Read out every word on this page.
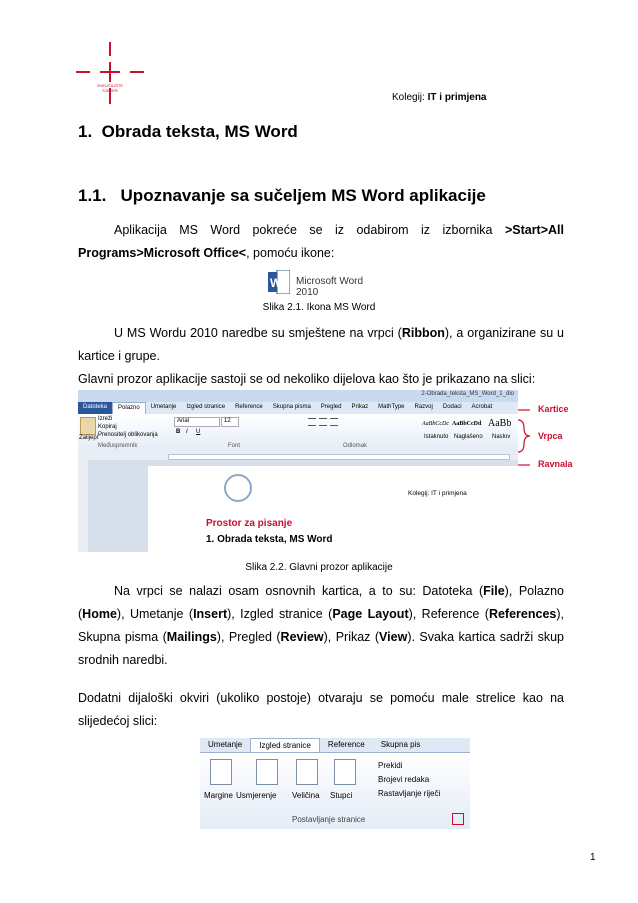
SVEUČILIŠTE
SJEVER
Kolegij: IT i primjena
1. Obrada teksta, MS Word
1.1. Upoznavanje sa sučeljem MS Word aplikacije
Aplikacija MS Word pokreće se iz odabirom iz izbornika >Start>All Programs>Microsoft Office<, pomoću ikone:
W Microsoft Word 2010
Slika 2.1. Ikona MS Word
U MS Wordu 2010 naredbe su smještene na vrpci (Ribbon), a organizirane su u kartice i grupe.
Glavni prozor aplikacije sastoji se od nekoliko dijelova kao što je prikazano na slici:
2-Obrada_teksta_MS_Word_1_dio
Datoteka	Polazno	Umetanje	Izgled stranice	Reference	Skupna pisma	Pregled	Prikaz	MathType	Razvoj	Dodaci	Acrobat
Zalijepi
Izreži
Kopiraj
Prenositelj oblikovanja
Međuspremnik
Arial	12
B I U
Font	Odlomak
AaBbCcDc AaBbCcDd AaBb
Istaknuto Naglašeno Naslov
Kolegij: IT i primjena
Prostor za pisanje
1. Obrada teksta, MS Word
Kartice
Vrpca
Ravnala
Slika 2.2. Glavni prozor aplikacije
Na vrpci se nalazi osam osnovnih kartica, a to su: Datoteka (File), Polazno (Home), Umetanje (Insert), Izgled stranice (Page Layout), Reference (References), Skupna pisma (Mailings), Pregled (Review), Prikaz (View). Svaka kartica sadrži skup srodnih naredbi.
Dodatni dijaloški okviri (ukoliko postoje) otvaraju se pomoću male strelice kao na slijedećoj slici:
Umetanje	Izgled stranice	Reference	Skupna pis
Margine Usmjerenje Veličina Stupci
Prekidi
Brojevi redaka
Rastavljanje riječi
Postavljanje stranice
1
